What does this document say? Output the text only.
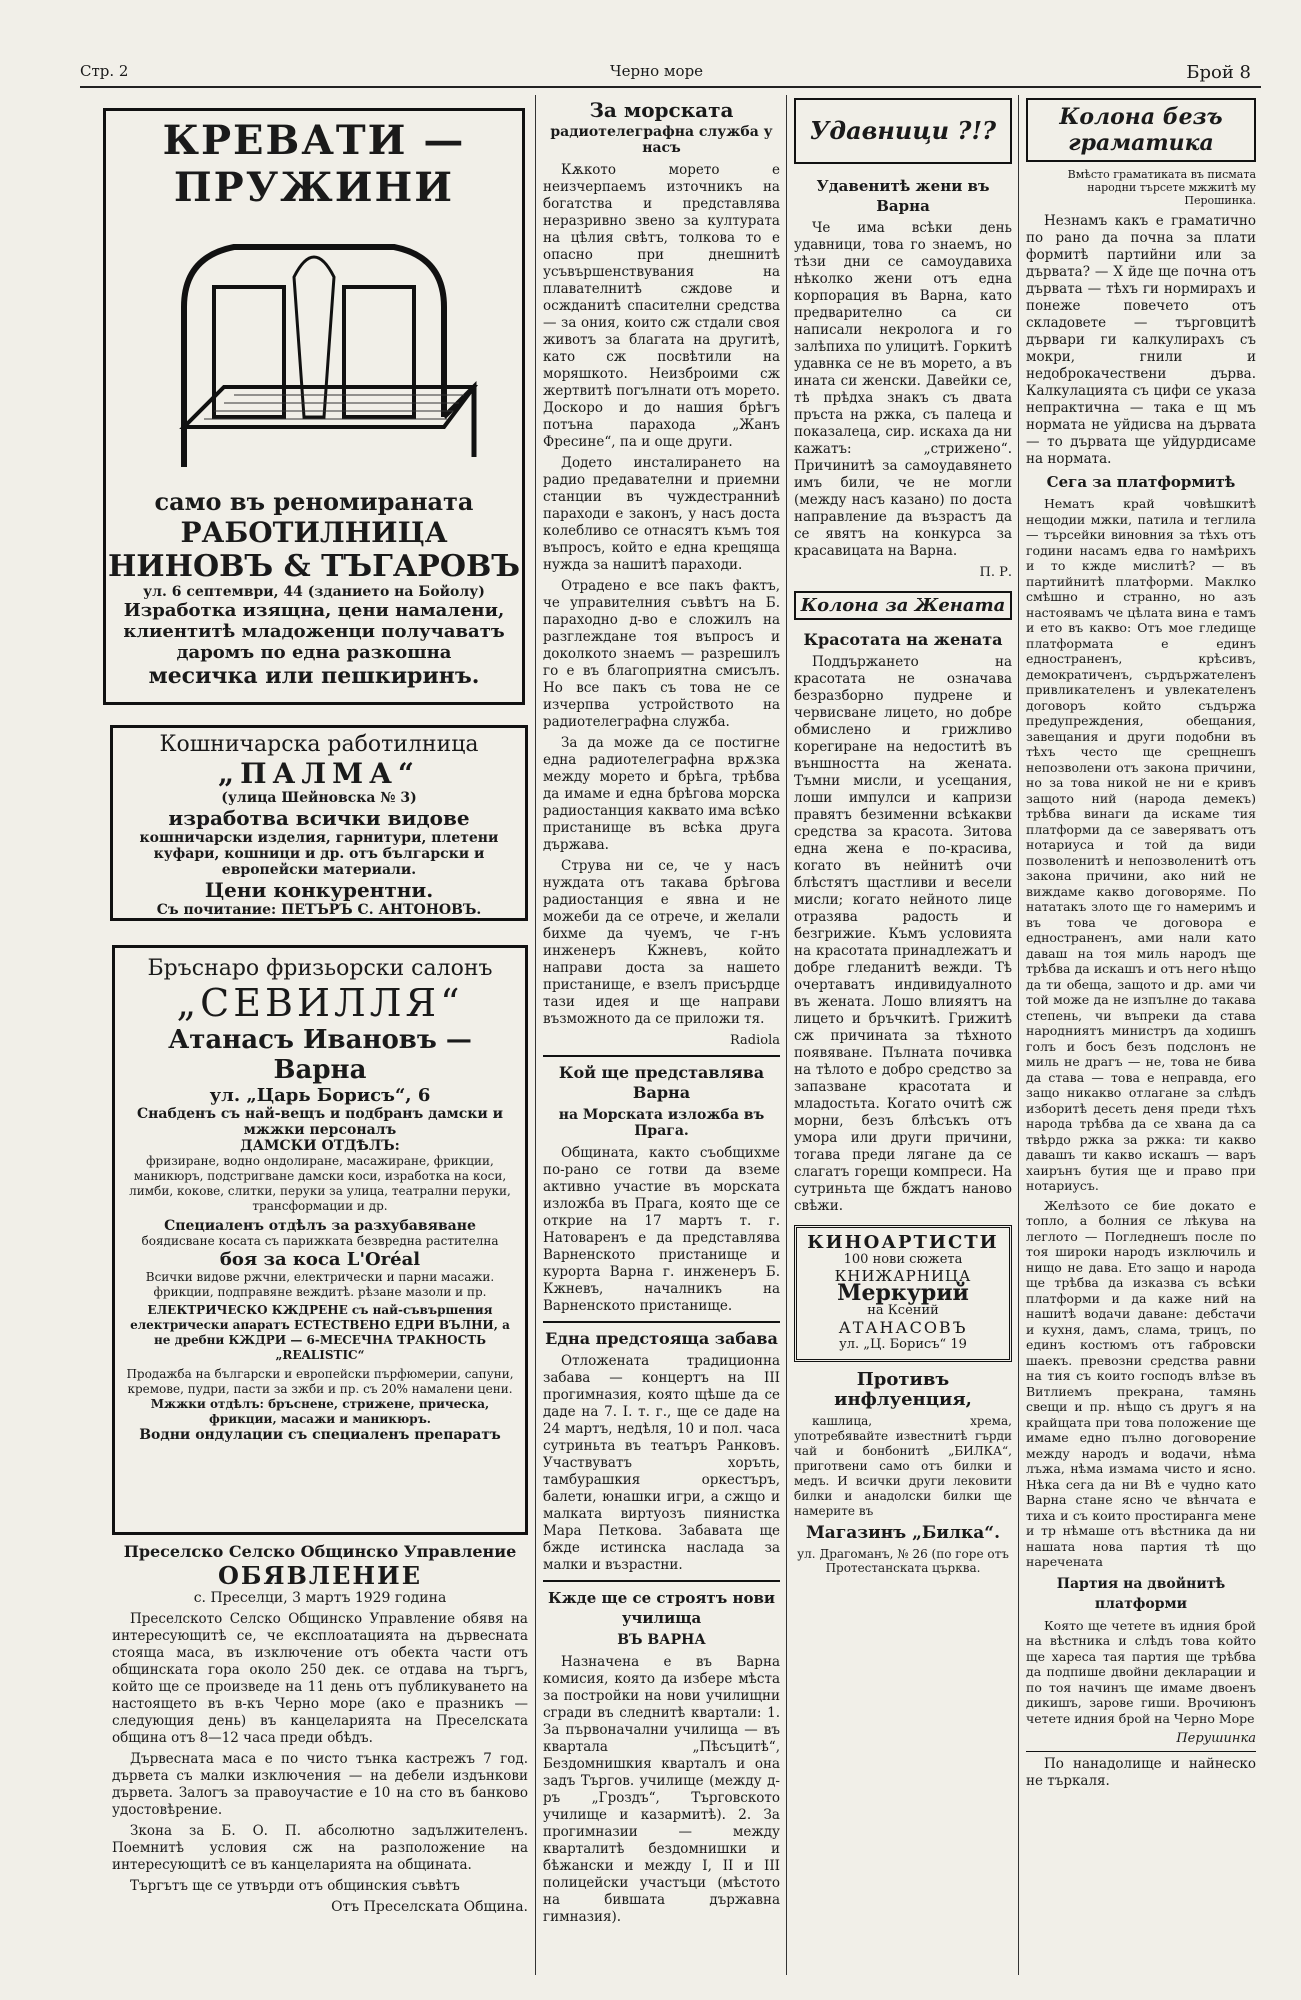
Стр. 2	Черно море	Брой 8
КРЕВАТИ — ПРУЖИНИ
само въ реномираната
РАБОТИЛНИЦА
НИНОВЪ & ТЪГАРОВЪ
ул. 6 септември, 44 (зданието на Бойолу)
Изработка изящна, цени намалени,
клиентитѣ младоженци получаватъ даромъ по една разкошна
месичка или пешкиринъ.
Кошничарска работилница
„ПАЛМА“
(улица Шейновска № 3)
изработва всички видове
кошничарски изделия, гарнитури, плетени куфари, кошници и др. отъ български и европейски материали.
Цени конкурентни.
Съ почитание: ПЕТЪРЪ С. АНТОНОВЪ.
Бръснаро фризьорски салонъ
„СЕВИЛЛЯ“
Атанасъ Ивановъ — Варна
ул. „Царь Борисъ“, 6
Снабденъ съ най-вещъ и подбранъ дамски и мжжки персоналъ
ДАМСКИ ОТДѢЛЪ:
фризиране, водно ондолиране, масажиране, фрикции, маникюръ, подстригване дамски коси, изработка на коси, лимби, кокове, слитки, перуки за улица, театрални перуки, трансформации и др.
Специаленъ отдѣлъ за разхубавяване
боядисване косата съ парижката безвредна растителна
боя за коса L'Oréal
Всички видове ржчни, електрически и парни масажи. фрикции, подправяне веждитѣ. рѣзане мазоли и пр.
ЕЛЕКТРИЧЕСКО КЖДРЕНЕ съ най-съвършения електрически апаратъ ЕСТЕСТВЕНО ЕДРИ ВЪЛНИ, а не дребни КЖДРИ — 6-МЕСЕЧНА ТРАКНОСТЬ „REALISTIC“
Продажба на български и европейски пърфюмерии, сапуни, кремове, пудри, пасти за зжби и пр. съ 20% намалени цени.
Мжжки отдѣлъ: бръснене, стрижене, прическа, фрикции, масажи и маникюръ.
Водни ондулации съ специаленъ препаратъ
Преселско Селско Общинско Управление
ОБЯВЛЕНИЕ
с. Преселци, 3 мартъ 1929 година

Преселското Селско Общинско Управление обявя на интересующитѣ се, че експлоатацията на дървесната стояща маса, въ изключение отъ обекта части отъ общинската гора около 250 дек. се отдава на търгъ, който ще се произведе на 11 день отъ публикуването на настоящето въ в-къ Черно море (ако е празникъ — следующия день) въ канцеларията на Преселската община отъ 8—12 часа преди обѣдъ.

Дървесната маса е по чисто тънка кастрежъ 7 год. дървета съ малки изключения — на дебели издънкови дървета. Залогъ за правоучастие е 10 на сто въ банково удостовѣрение.

Зкона за Б. О. П. абсолютно задължителенъ. Поемнитѣ условия сж на разположение на интересующитѣ се въ канцеларията на общината.

Търгътъ ще се утвърди отъ общинския съвѣтъ

Отъ Преселската Община.
За морската
радиотелеграфна служба у насъ

Кѫкото морето е неизчерпаемъ източникъ на богатства и представлява неразривно звено за културата на цѣлия свѣтъ, толкова то е опасно при днешнитѣ усъвършенствувания на плавателнитѣ сждове и осжданитѣ спасителни срeдства — за ония, които сж стдали своя животъ за благата на другитѣ, като сж посвѣтили на моряшкото. Неизброими сж жертвитѣ погълнати отъ морето. Доскоро и до нашия брѣгъ потъна парахода „Жанъ Фресине“, па и още други.

Додето инсталирането на радио предавателни и приемни станции въ чуждестранниѣ параходи е законъ, у насъ доста колебливо се отнасятъ къмъ тоя въпросъ, който е една крещяща нужда за нашитѣ параходи.

Отрадено е все пакъ фактъ, че управителния съвѣтъ на Б. параходно д-во е сложилъ на разглеждане тоя въпросъ и доколкото знаемъ — разрешилъ го е въ благоприятна смисълъ. Но все пакъ съ това не се изчерпва устройството на радиотелеграфна служба.

За да може да се постигне една радиотелеграфна врѫзка между морето и брѣга, трѣбва да имаме и една брѣгова морска радиостанция каквато има всѣко пристанище въ всѣка друга държава.

Струва ни се, че у насъ нуждата отъ такава брѣгова радиостанция е явна и не можеби да се отрече, и желали бихме да чуемъ, че г-нъ инженеръ Кжневъ, който направи доста за нашето пристанище, е взелъ присърдце тази идея и ще направи възможното да се приложи тя.

Radiola
Кой ще представлява Варна
на Морската изложба въ Прага.

Общината, както съобщихме по-рано се готви да вземе активно участие въ морската изложба въ Прага, която ще се открие на 17 мартъ т. г. Натоваренъ е да представлява Варненското пристанище и курорта Варна г. инженеръ Б. Кжневъ, началникъ на Варненското пристанище.

Една предстояща забава

Отложената традиционна забава — концертъ на III прогимназия, която щѣше да се даде на 7. I. т. г., ще се даде на 24 мартъ, недѣля, 10 и пол. часа сутриньта въ театъръ Ранковъ. Участвуватъ хоръть, тамбурашкия оркестъръ, балети, юнашки игри, а сжщо и малката виртуозъ пиянистка Мара Петкова. Забавата ще бжде истинска наслада за малки и възрастни.

Кжде ще се строятъ нови училища
ВЪ ВАРНА

Назначена е въ Варна комисия, която да избере мѣста за постройки на нови училищни сгради въ следнитѣ квартали: 1. За първоначални училища — въ квартала „Пѣсъцитѣ“, Бездомнишкия кварталъ и она задъ Търгов. училище (между д-ръ „Гроздъ“, Търговското училище и казармитѣ). 2. За прогимназии — между кварталитѣ бездомнишки и бѣжански и между I, II и III полицейски участъци (мѣстото на бившата държавна гимназия).

Удавници ?!?
Удавенитѣ жени въ Варна

Че има всѣки день удавници, това го знаемъ, но тѣзи дни се самоудавиха нѣколко жени отъ една корпорация въ Варна, като предварително са си написали некролога и го залѣпиха по улицитѣ. Горкитѣ удавнка се не въ морето, а въ ината си женски. Давейки се, тѣ прѣдха знакъ съ двата пръста на ржка, съ палеца и показалеца, сир. искаха да ни кажатъ: „стрижено“. Причинитѣ за самоудавянето имъ били, че не могли (между насъ казано) по доста направление да възрастъ да се явятъ на конкурса за красавицата на Варна.

П. Р.
Колона за Жената
Красотата на жената

Поддържането на красотата не означава безразборно пудрене и червисване лицето, но добре обмислено и грижливо корегиране на недоститѣ въ външността на жената. Тъмни мисли, и усещания, лоши импулси и капризи правятъ безименни всѣкакви средства за красота. Зитова една жена е по-красива, когато въ нейнитѣ очи блѣстятъ щастливи и весели мисли; когато нейното лице отразява радость и безгрижие. Къмъ условията на красотата принадлежатъ и добре гледанитѣ вежди. Тѣ очертаватъ индивидуалното въ жената. Лошо влияятъ на лицето и бръчкитѣ. Грижитѣ сж причината за тѣхното появяване. Пълната почивка на тѣлото е добро средство за запазване красотата и младостьта. Когато очитѣ сж морни, безъ блѣсъкъ отъ умора или други причини, тогава преди лягане да се слагатъ горещи компреси. На сутриньта ще бждатъ наново свѣжи.

КИНОАРТИСТИ
100 нови сюжета
КНИЖАРНИЦА
Меркурий
на Ксений
АТАНАСОВЪ
ул. „Ц. Борисъ“ 19
Противъ инфлуенция,

кашлица, хрема, употребявайте известнитѣ гърди чай и бонбонитѣ „БИЛКА“, приготвени само отъ билки и медъ. И всички други лековити билки и анадолски билки ще намерите въ

Магазинъ „Билка“.
ул. Драгоманъ, № 26 (по горе отъ Протестанската църква.
Колона безъ граматика
Вмѣсто граматиката въ писмата народни търсете мжжитѣ му Перошинка.

Незнамъ какъ е граматично по рано да почна за плати формитѣ партийни или за дървата? — Х йде ще почна отъ дървата — тѣхъ ги нормирахъ и понеже повечето отъ складовете — търговцитѣ дървари ги калкулирахъ съ мокри, гнили и недоброкачествени дърва. Калкулацията съ цифи се указа непрактична — така е щ мъ нормата не уйдисва на дървата — то дървата ще уйдурдисаме на нормата.

Сега за платформитѣ

Нематъ край човѣшкитѣ нещодии мжки, патила и теглила — търсейки виновния за тѣхъ отъ години насамъ едва го намѣрихъ и то кжде мислитѣ? — въ партийнитѣ платформи. Маклко смѣшно и странно, но азъ настоявамъ че цѣлата вина е тамъ и ето въ какво: Отъ мое гледище платформата е единъ едностраненъ, крѣсивъ, демократиченъ, сърдържателенъ привликателенъ и увлекателенъ договоръ който съдържа предупреждения, обещания, завещания и други подобни въ тѣхъ често ще срещнешъ непозволени отъ закона причини, но за това никой не ни е кривъ защото ний (народа демекъ) трѣбва винаги да искаме тия платформи да се заверяватъ отъ нотариуса и той да види позволенитѣ и непозволенитѣ отъ закона причини, ако ний не виждаме какво договоряме. По нататакъ злото ще го намеримъ и въ това че договора е едностраненъ, ами нали като даваш на тоя миль народъ ще трѣбва да искашъ и отъ него нѣщо да ти обеща, защото и др. ами чи той може да не изпълне до такава степень, чи въпреки да става народниятъ министръ да ходишъ голъ и босъ безъ подслонъ не миль не драгъ — не, това не бива да става — това е неправда, его защо никакво отлагане за слѣдъ изборитѣ десеть деня преди тѣхъ народа трѣбва да се хвана да са твѣрдо ржка за ржка: ти какво дaвашъ ти какво искашъ — варъ хаирънъ бутия ще и право при нотариусъ.

Желѣзото се бие докато е топло, а болния се лѣкува на леглото — Погледнешъ после по тоя широки народъ изключиль и нищо не дава. Ето защо и народа ще трѣбва да изказва съ всѣки платформи и да каже ний на нашитѣ водачи даване: дебстачи и кухня, дамъ, слама, трицъ, по единъ костюмъ отъ габровски шаекъ. превозни средства равни на тия съ които господъ влѣзе въ Витлиемъ прекрана, тамянь свещи и пр. нѣщо съ другъ я на крайщата при това положение ще имаме едно пълно договорение между народъ и водачи, нѣма лъжа, нѣма измама чисто и ясно. Нѣка сега да ни Вѣ е чудно като Варна стане ясно че вѣнчата е тиха и съ които простиранга мене и тр нѣмаше отъ вѣстника да ни нашата нова партия тѣ що наречената

Партия на двойнитѣ платформи

Която ще четете въ идния брой на вѣстника и слѣдъ това който ще хареса тая партия ще трѣбва да подпише двойни декларации и по тоя начинъ ще имаме двоенъ дикишъ, зарове гиши. Врочиюнъ четете идния брой на Черно Море

Перушинка

По нанадолище и найнеско не търкаля.
